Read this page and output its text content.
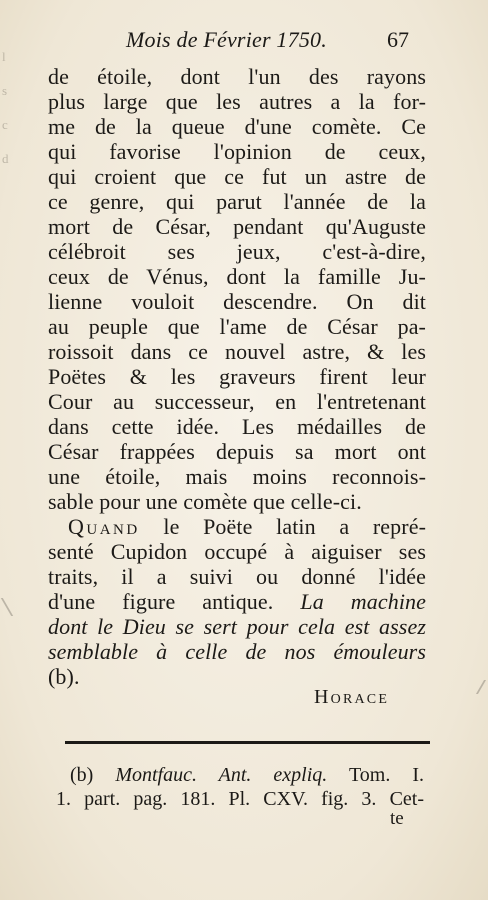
l
s
c
d

Mois de Février 1750.	67
de étoile, dont l'un des rayons
plus large que les autres a la for-
me de la queue d'une comète. Ce
qui favorise l'opinion de ceux,
qui croient que ce fut un astre de
ce genre, qui parut l'année de la
mort de César, pendant qu'Auguste
célébroit ses jeux, c'est-à-dire,
ceux de Vénus, dont la famille Ju-
lienne vouloit descendre. On dit
au peuple que l'ame de César pa-
roissoit dans ce nouvel astre, & les
Poëtes & les graveurs firent leur
Cour au successeur, en l'entretenant
dans cette idée. Les médailles de
César frappées depuis sa mort ont
une étoile, mais moins reconnois-
sable pour une comète que celle-ci.
Quand le Poëte latin a repré-
senté Cupidon occupé à aiguiser ses
traits, il a suivi ou donné l'idée
d'une figure antique. La machine
dont le Dieu se sert pour cela est assez
semblable à celle de nos émouleurs
(b).
Horace
(b) Montfauc. Ant. expliq. Tom. I.
1. part. pag. 181. Pl. CXV. fig. 3. Cet-
te
